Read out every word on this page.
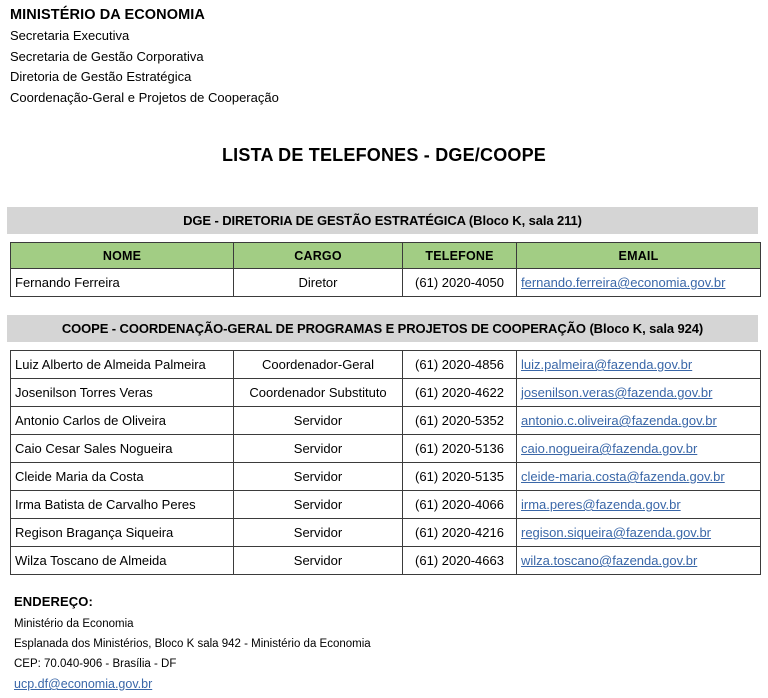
MINISTÉRIO DA ECONOMIA
Secretaria Executiva
Secretaria de Gestão Corporativa
Diretoria de Gestão Estratégica
Coordenação-Geral e Projetos de Cooperação
LISTA DE TELEFONES - DGE/COOPE
DGE - DIRETORIA DE GESTÃO ESTRATÉGICA (Bloco K, sala 211)
NOME	CARGO	TELEFONE	EMAIL
Fernando Ferreira	Diretor	(61) 2020-4050	fernando.ferreira@economia.gov.br
COOPE - COORDENAÇÃO-GERAL DE PROGRAMAS E PROJETOS DE COOPERAÇÃO (Bloco K, sala 924)
Luiz Alberto de Almeida Palmeira	Coordenador-Geral	(61) 2020-4856	luiz.palmeira@fazenda.gov.br
Josenilson Torres Veras	Coordenador Substituto	(61) 2020-4622	josenilson.veras@fazenda.gov.br
Antonio Carlos de Oliveira	Servidor	(61) 2020-5352	antonio.c.oliveira@fazenda.gov.br
Caio Cesar Sales Nogueira	Servidor	(61) 2020-5136	caio.nogueira@fazenda.gov.br
Cleide Maria da Costa	Servidor	(61) 2020-5135	cleide-maria.costa@fazenda.gov.br
Irma Batista de Carvalho Peres	Servidor	(61) 2020-4066	irma.peres@fazenda.gov.br
Regison Bragança Siqueira	Servidor	(61) 2020-4216	regison.siqueira@fazenda.gov.br
Wilza Toscano de Almeida	Servidor	(61) 2020-4663	wilza.toscano@fazenda.gov.br
ENDEREÇO:
Ministério da Economia
Esplanada dos Ministérios, Bloco K sala 942 - Ministério da Economia
CEP: 70.040-906 - Brasília - DF
ucp.df@economia.gov.br
